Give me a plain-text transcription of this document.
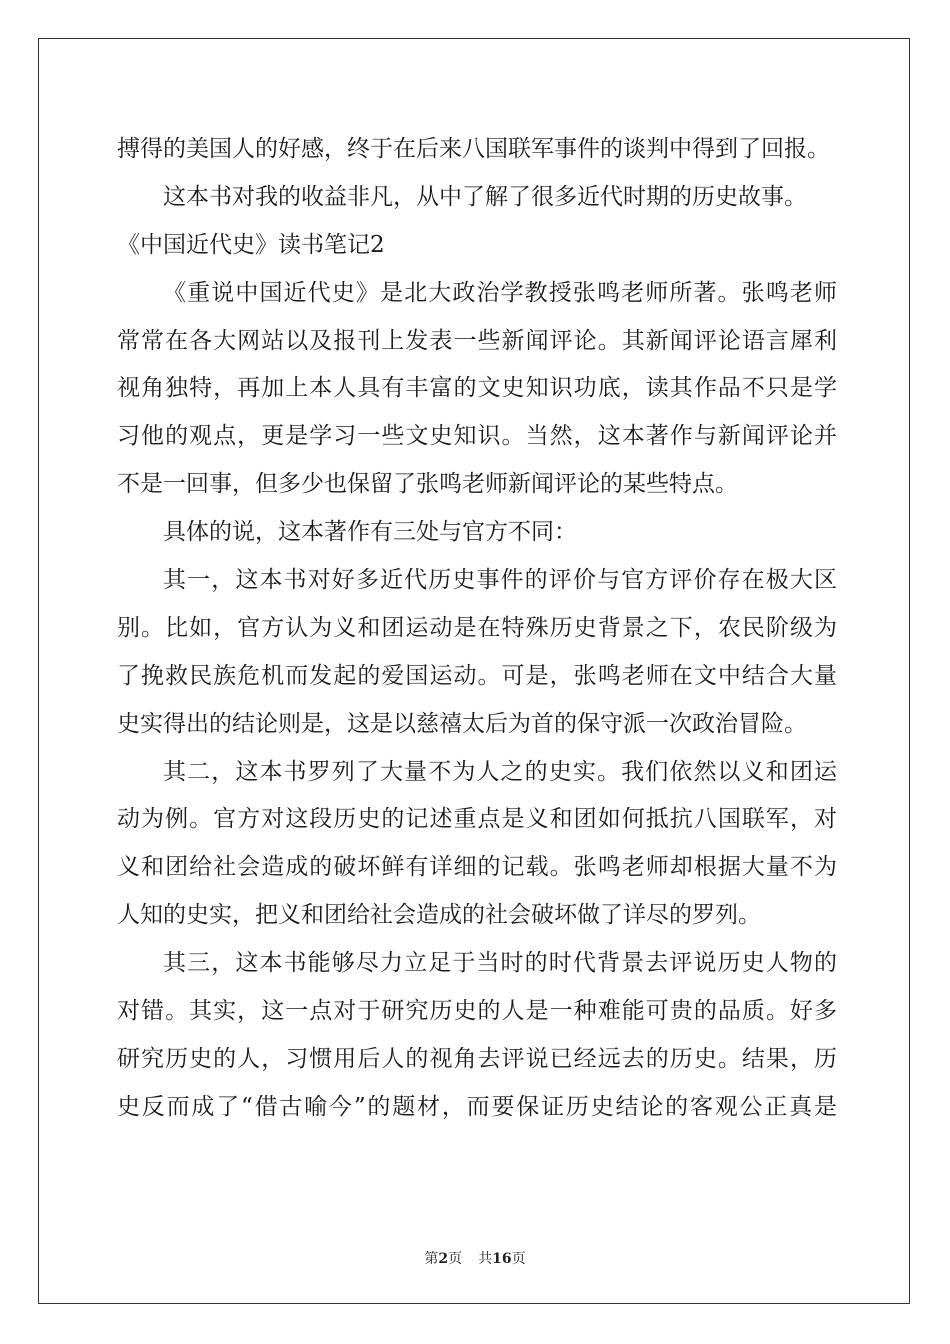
搏得的美国人的好感，终于在后来八国联军事件的谈判中得到了回报。
这本书对我的收益非凡，从中了解了很多近代时期的历史故事。
《中国近代史》读书笔记2
《重说中国近代史》是北大政治学教授张鸣老师所著。张鸣老师
常常在各大网站以及报刊上发表一些新闻评论。其新闻评论语言犀利
视角独特，再加上本人具有丰富的文史知识功底，读其作品不只是学
习他的观点，更是学习一些文史知识。当然，这本著作与新闻评论并
不是一回事，但多少也保留了张鸣老师新闻评论的某些特点。
具体的说，这本著作有三处与官方不同：
其一，这本书对好多近代历史事件的评价与官方评价存在极大区
别。比如，官方认为义和团运动是在特殊历史背景之下，农民阶级为
了挽救民族危机而发起的爱国运动。可是，张鸣老师在文中结合大量
史实得出的结论则是，这是以慈禧太后为首的保守派一次政治冒险。
其二，这本书罗列了大量不为人之的史实。我们依然以义和团运
动为例。官方对这段历史的记述重点是义和团如何抵抗八国联军，对
义和团给社会造成的破坏鲜有详细的记载。张鸣老师却根据大量不为
人知的史实，把义和团给社会造成的社会破坏做了详尽的罗列。
其三，这本书能够尽力立足于当时的时代背景去评说历史人物的
对错。其实，这一点对于研究历史的人是一种难能可贵的品质。好多
研究历史的人，习惯用后人的视角去评说已经远去的历史。结果，历
史反而成了“借古喻今”的题材，而要保证历史结论的客观公正真是
第2页 共16页
